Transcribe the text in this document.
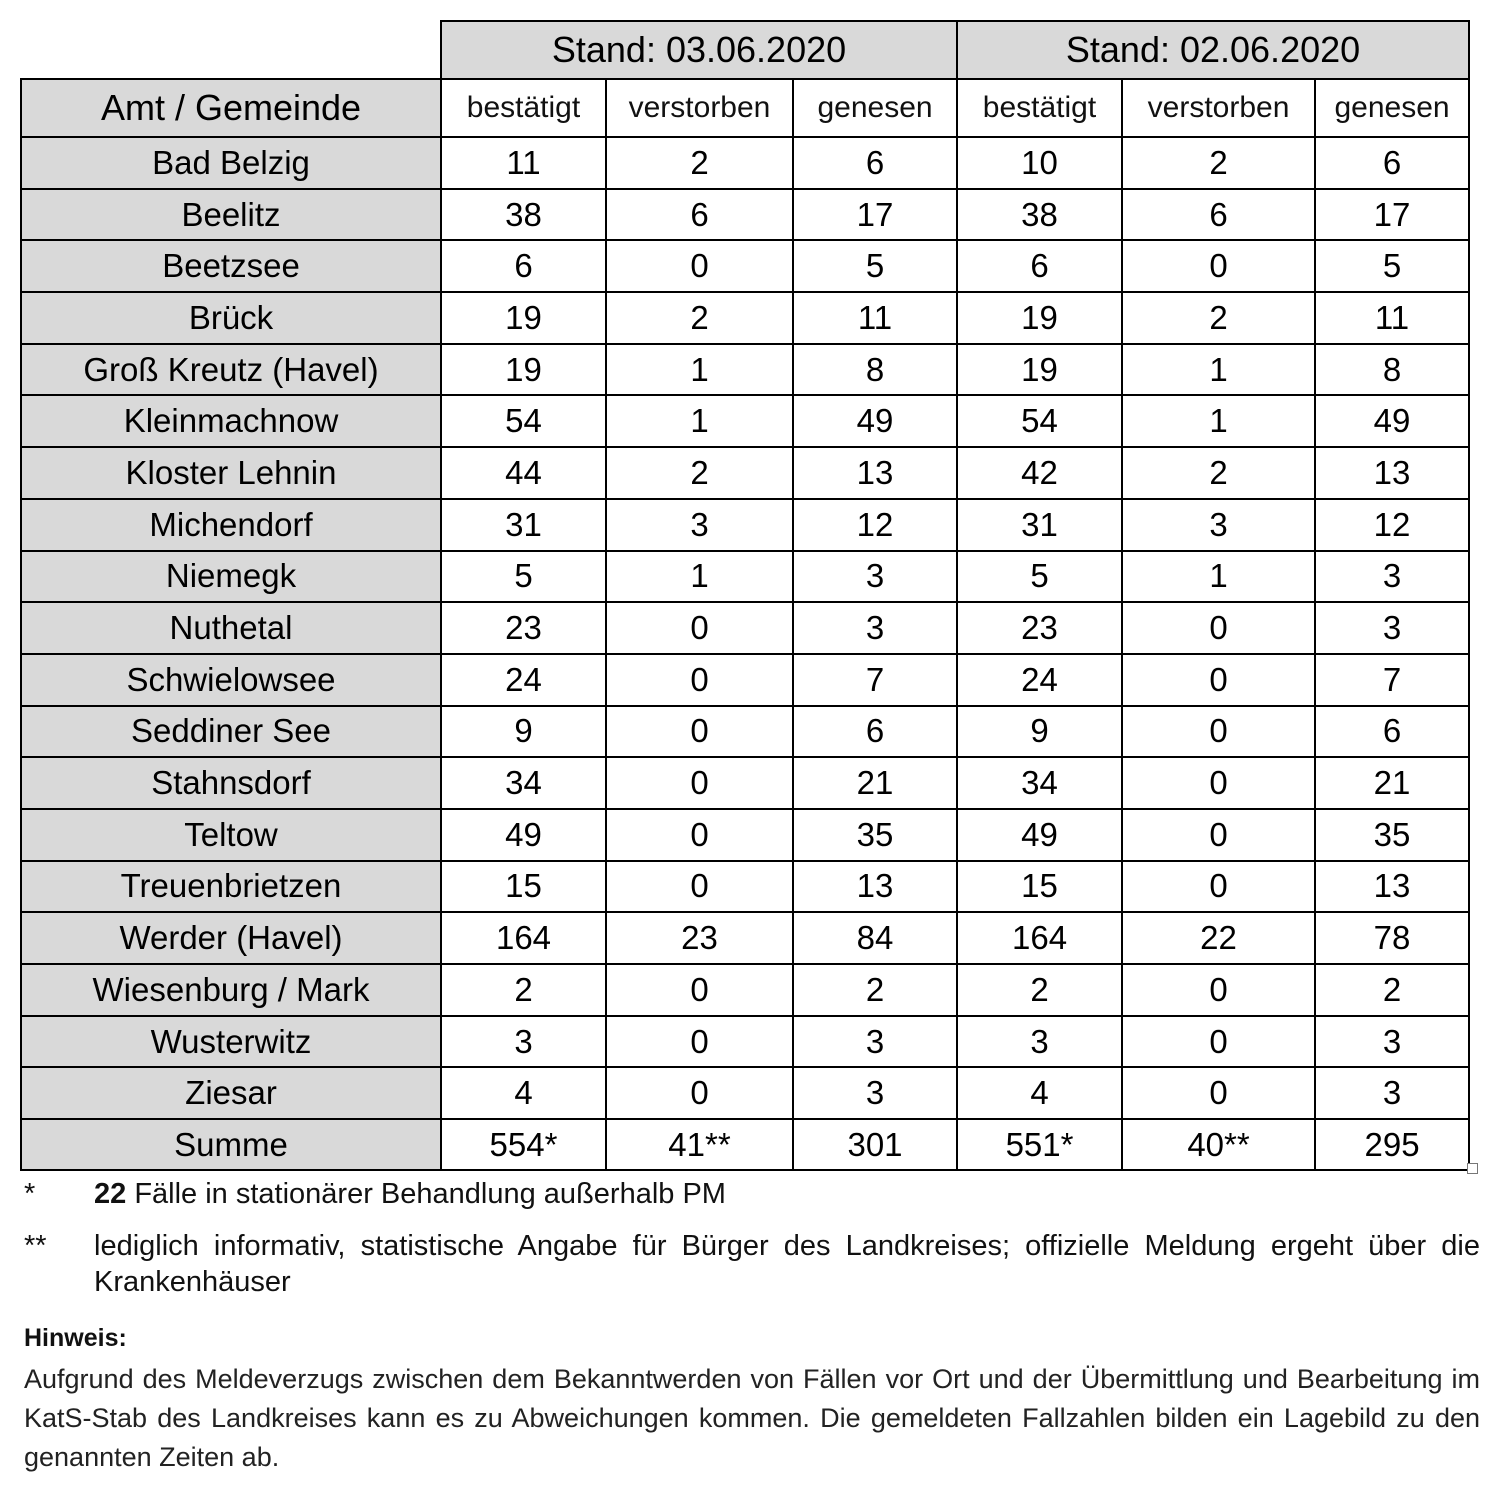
	Stand: 03.06.2020			Stand: 02.06.2020		
Amt / Gemeinde	bestätigt	verstorben	genesen	bestätigt	verstorben	genesen
Bad Belzig	11	2	6	10	2	6
Beelitz	38	6	17	38	6	17
Beetzsee	6	0	5	6	0	5
Brück	19	2	11	19	2	11
Groß Kreutz (Havel)	19	1	8	19	1	8
Kleinmachnow	54	1	49	54	1	49
Kloster Lehnin	44	2	13	42	2	13
Michendorf	31	3	12	31	3	12
Niemegk	5	1	3	5	1	3
Nuthetal	23	0	3	23	0	3
Schwielowsee	24	0	7	24	0	7
Seddiner See	9	0	6	9	0	6
Stahnsdorf	34	0	21	34	0	21
Teltow	49	0	35	49	0	35
Treuenbrietzen	15	0	13	15	0	13
Werder (Havel)	164	23	84	164	22	78
Wiesenburg / Mark	2	0	2	2	0	2
Wusterwitz	3	0	3	3	0	3
Ziesar	4	0	3	4	0	3
Summe	554*	41**	301	551*	40**	295
* 22 Fälle in stationärer Behandlung außerhalb PM
** lediglich informativ, statistische Angabe für Bürger des Landkreises; offizielle Meldung ergeht über die Krankenhäuser
Hinweis:
Aufgrund des Meldeverzugs zwischen dem Bekanntwerden von Fällen vor Ort und der Übermittlung und Bearbeitung im KatS-Stab des Landkreises kann es zu Abweichungen kommen. Die gemeldeten Fallzahlen bilden ein Lagebild zu den genannten Zeiten ab.
